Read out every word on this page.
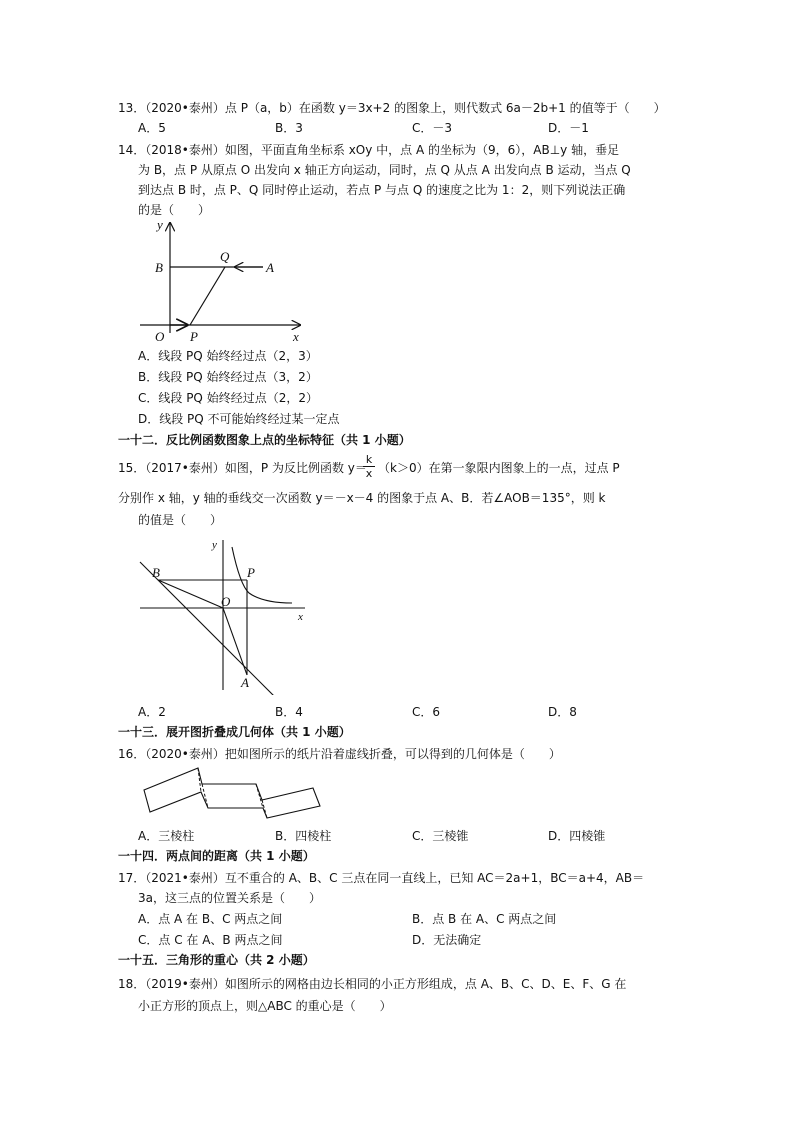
13．（2020•泰州）点 P（a，b）在函数 y＝3x+2 的图象上，则代数式 6a－2b+1 的值等于（　　）
A．5	B．3	C．－3	D．－1
14．（2018•泰州）如图，平面直角坐标系 xOy 中，点 A 的坐标为（9，6），AB⊥y 轴，垂足
为 B，点 P 从原点 O 出发向 x 轴正方向运动，同时，点 Q 从点 A 出发向点 B 运动，当点 Q
到达点 B 时，点 P、Q 同时停止运动，若点 P 与点 Q 的速度之比为 1：2，则下列说法正确
的是（　　）
y
x
O
B
Q
A
P
A．线段 PQ 始终经过点（2，3）
B．线段 PQ 始终经过点（3，2）
C．线段 PQ 始终经过点（2，2）
D．线段 PQ 不可能始终经过某一定点
一十二．反比例函数图象上点的坐标特征（共 1 小题）
15．（2017•泰州）如图，P 为反比例函数 y＝
k
x （k＞0）在第一象限内图象上的一点，过点 P
分别作 x 轴，y 轴的垂线交一次函数 y＝－x－4 的图象于点 A、B．若∠AOB＝135°，则 k
的值是（　　）
y
x
O
B	P
A
A．2	B．4	C．6	D．8
一十三．展开图折叠成几何体（共 1 小题）
16．（2020•泰州）把如图所示的纸片沿着虚线折叠，可以得到的几何体是（　　）
A．三棱柱	B．四棱柱	C．三棱锥	D．四棱锥
一十四．两点间的距离（共 1 小题）
17．（2021•泰州）互不重合的 A、B、C 三点在同一直线上，已知 AC＝2a+1，BC＝a+4，AB＝
3a，这三点的位置关系是（　　）
A．点 A 在 B、C 两点之间	B．点 B 在 A、C 两点之间
C．点 C 在 A、B 两点之间	D．无法确定
一十五．三角形的重心（共 2 小题）
18．（2019•泰州）如图所示的网格由边长相同的小正方形组成，点 A、B、C、D、E、F、G 在
小正方形的顶点上，则△ABC 的重心是（　　）
